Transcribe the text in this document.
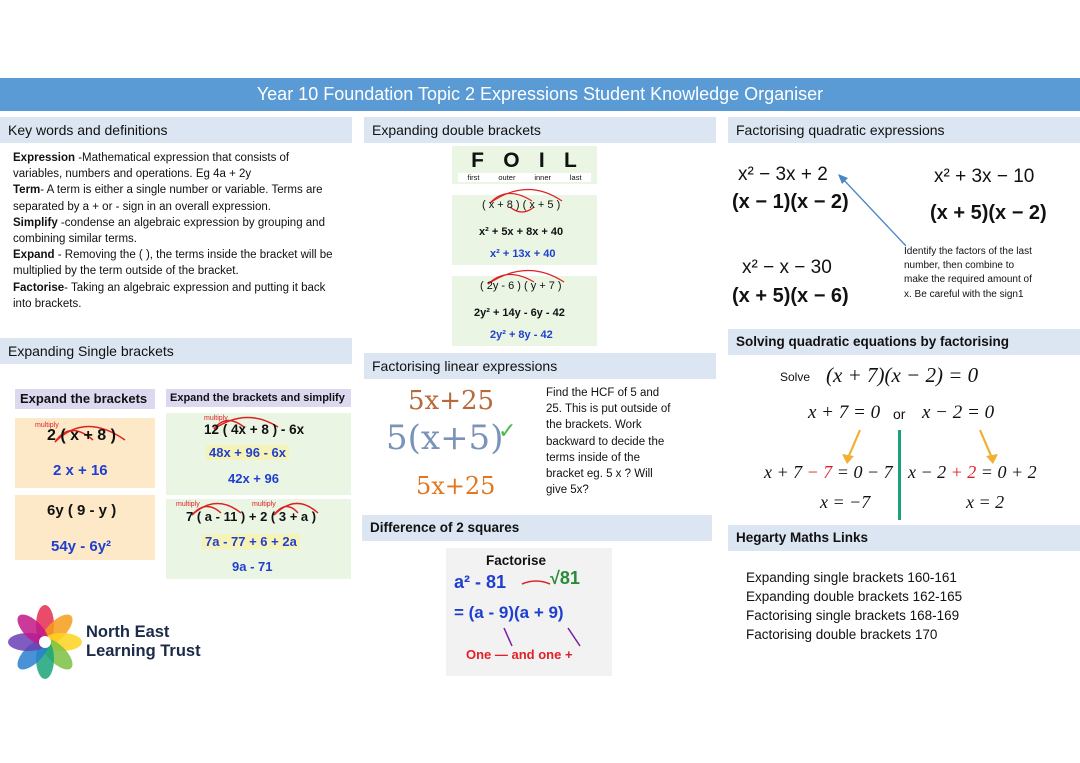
Year 10 Foundation Topic 2 Expressions Student Knowledge Organiser
Key words and definitions

Expression -Mathematical expression that consists of variables, numbers and operations. Eg 4a + 2y

Term- A term is either a single number or variable. Terms are separated by a + or - sign in an overall expression.

Simplify -condense an algebraic expression by grouping and combining similar terms.

Expand - Removing the ( ), the terms inside the bracket will be multiplied by the term outside of the bracket.

Factorise- Taking an algebraic expression and putting it back into brackets.

Expanding Single brackets
Expand the brackets
multiply
2 ( x + 8 )
2 x + 16
6y ( 9 - y )
54y - 6y²
Expand the brackets and simplify
multiply
12 ( 4x + 8 ) - 6x
48x + 96 - 6x
42x + 96
multiply	multiply
7 ( a - 11 ) + 2 ( 3 + a )
7a - 77 + 6 + 2a
9a - 71
North East
Learning Trust
Expanding double brackets
F O I L
first	outer	inner	last
( x + 8 ) ( x + 5 )
x² + 5x + 8x + 40
x² + 13x + 40
( 2y - 6 ) ( y + 7 )
2y² + 14y - 6y - 42
2y² + 8y - 42
Factorising linear expressions
5x+25
5(x+5)
5x+25
✓
Find the HCF of 5 and 25. This is put outside of the brackets. Work backward to decide the terms inside of the bracket eg. 5 x ? Will give 5x?
Difference of 2 squares
Factorise
a² - 81 √81
= (a - 9)(a + 9)
One — and one +
Factorising quadratic expressions
x² − 3x + 2
(x − 1)(x − 2)
x² + 3x − 10
(x + 5)(x − 2)
x² − x − 30
(x + 5)(x − 6)
Identify the factors of the last number, then combine to make the required amount of x. Be careful with the sign1
Solving quadratic equations by factorising
Solve (x + 7)(x − 2) = 0
x + 7 = 0 or x − 2 = 0
x + 7 − 7 = 0 − 7 x − 2 + 2 = 0 + 2
x = −7	x = 2
Hegarty Maths Links
Expanding single brackets 160-161
Expanding double brackets 162-165
Factorising single brackets 168-169
Factorising double brackets 170
